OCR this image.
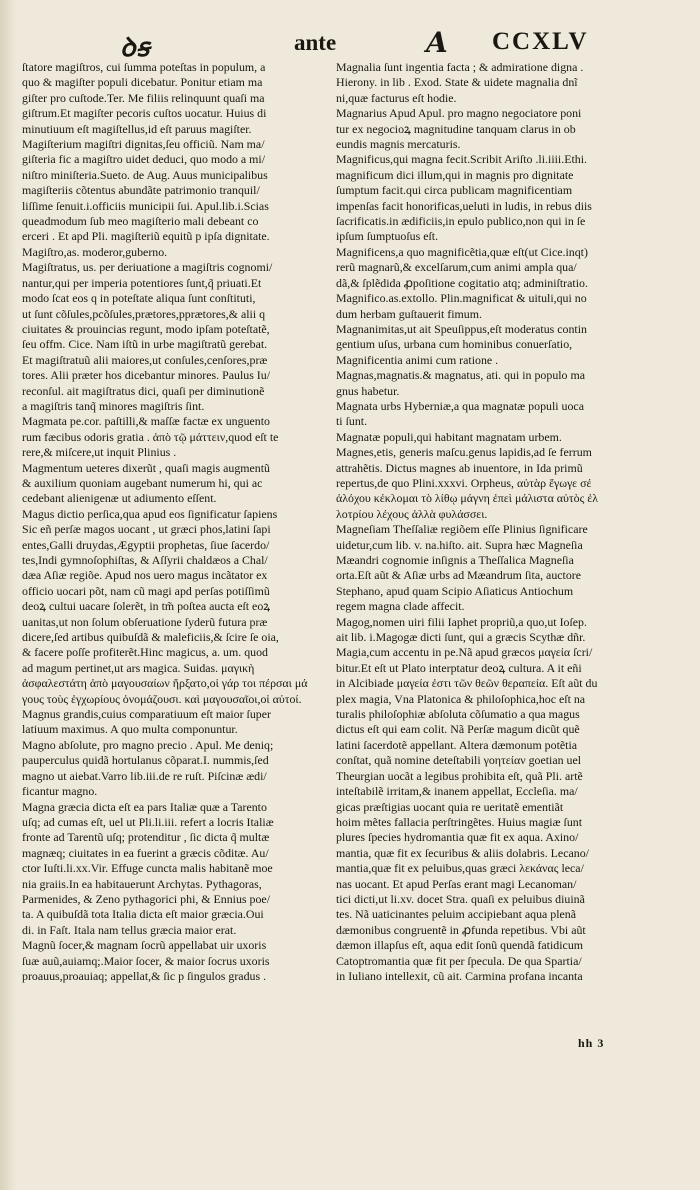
ꝺꞩ	ante	A CCXLV
ſtatore magiſtros, cui ſumma poteſtas in populum, a
quo & magiſter populi dicebatur. Ponitur etiam ma
giſter pro cuſtode.Ter. Me filiis relinquunt quaſi ma
giſtrum.Et magiſter pecoris cuſtos uocatur. Huius di
minutiuum eſt magiſtellus,id eſt paruus magiſter.
Magiſterium magiſtri dignitas,ſeu officiũ. Nam ma/
giſteria fic a magiſtro uidet deduci, quo modo a mi/
niſtro miniſteria.Sueto. de Aug. Auus municipalibus
magiſteriis cõtentus abundãte patrimonio tranquil/
liſſime ſenuit.i.officiis municipii ſui. Apul.lib.i.Scias
queadmodum ſub meo magiſterio mali debeant co
erceri . Et apd Pli. magiſteriũ equitũ p ipſa dignitate.
Magiſtro,as. moderor,guberno.
Magiſtratus, us. per deriuatione a magiſtris cognomi/
nantur,qui per imperia potentiores ſunt,q̃ priuati.Et
modo ſcat eos q in poteſtate aliqua ſunt conſtituti,
ut ſunt cõſules,pcõſules,prætores,pprætores,& alii q
ciuitates & prouincias regunt, modo ipſam poteſtatẽ,
ſeu offm. Cice. Nam iſtũ in urbe magiſtratũ gerebat.
Et magiſtratuũ alii maiores,ut conſules,cenſores,præ
tores. Alii præter hos dicebantur minores. Paulus Iu/
reconſul. ait magiſtratus dici, quaſi per diminutionẽ
a magiſtris tanq̃ minores magiſtris ſint.
Magmata pe.cor. paſtilli,& maſſæ factæ ex unguento
rum fæcibus odoris gratia . ἀπὸ τῷ μάττειν,quod eſt te
rere,& miſcere,ut inquit Plinius .
Magmentum ueteres dixerũt , quaſi magis augmentũ
& auxilium quoniam augebant numerum hi, qui ac
cedebant alienigenæ ut adiumento eſſent.
Magus dictio perſica,qua apud eos ſignificatur ſapiens
Sic eñ perſæ magos uocant , ut græci phos,latini ſapi
entes,Galli druydas,Ægyptii prophetas, ſiue ſacerdo/
tes,Indi gymnoſophiſtas, & Aſſyrii chaldæos a Chal/
dæa Aſiæ regiõe. Apud nos uero magus incãtator ex
officio uocari põt, nam cũ magi apd perſas potiſſimũ
deoꝝ cultui uacare ſolerẽt, in tm̃ poſtea aucta eſt eoꝝ
uanitas,ut non ſolum obſeruatione ſyderũ futura præ
dicere,ſed artibus quibuſdã & maleficiis,& ſcire ſe oia,
& facere poſſe profiterẽt.Hinc magicus, a. um. quod
ad magum pertinet,ut ars magica. Suidas. μαγικὴ
ἀσφαλεστάτη ἀπὸ μαγουσαίων ἤρξατο,οἱ γάρ τοι πέρσαι μά
γους τοὺς ἐγχωρίους ὀνομάζουσι. καὶ μαγουσαῖοι,οἱ αὐτοί.
Magnus grandis,cuius comparatiuum eſt maior ſuper
latiuum maximus. A quo multa componuntur.
Magno abſolute, pro magno precio . Apul. Me deniq;
pauperculus quidã hortulanus cõparat.I. nummis,ſed
magno ut aiebat.Varro lib.iii.de re ruſt. Piſcinæ ædi/
ficantur magno.
Magna græcia dicta eſt ea pars Italiæ quæ a Tarento
uſq; ad cumas eſt, uel ut Pli.li.iii. refert a locris Italiæ
fronte ad Tarentũ uſq; protenditur , ſic dicta q̃ multæ
magnæq; ciuitates in ea fuerint a græcis cõditæ. Au/
ctor Iuſti.li.xx.Vir. Effuge cuncta malis habitanẽ moe
nia graiis.In ea habitauerunt Archytas. Pythagoras,
Parmenides, & Zeno pythagorici phi, & Ennius poe/
ta. A quibuſdã tota Italia dicta eſt maior græcia.Oui
di. in Faſt. Itala nam tellus græcia maior erat.
Magnũ ſocer,& magnam ſocrũ appellabat uir uxoris
ſuæ auũ,auiamq;.Maior ſocer, & maior ſocrus uxoris
proauus,proauiaq; appellat,& ſic p ſingulos gradus .
Magnalia ſunt ingentia facta ; & admiratione digna .
Hierony. in lib . Exod. State & uidete magnalia dnĩ
ni,quæ facturus eſt hodie.
Magnarius Apud Apul. pro magno negociatore poni
tur ex negocioꝝ magnitudine tanquam clarus in ob
eundis magnis mercaturis.
Magnificus,qui magna fecit.Scribit Ariſto .li.iiii.Ethi.
magnificum dici illum,qui in magnis pro dignitate
ſumptum facit.qui circa publicam magnificentiam
impenſas facit honorificas,ueluti in ludis, in rebus diis
ſacrificatis.in ædificiis,in epulo publico,non qui in ſe
ipſum ſumptuoſus eſt.
Magnificens,a quo magnificẽtia,quæ eſt(ut Cice.inqt)
rerũ magnarũ,& excelſarum,cum animi ampla qua/
dã,& ſplẽdida ꝓpoſitione cogitatio atq; adminiſtratio.
Magnifico.as.extollo. Plin.magnificat & uituli,qui no
dum herbam guſtauerit fimum.
Magnanimitas,ut ait Speuſippus,eſt moderatus contin
gentium uſus, urbana cum hominibus conuerſatio,
Magnificentia animi cum ratione .
Magnas,magnatis.& magnatus, ati. qui in populo ma
gnus habetur.
Magnata urbs Hyberniæ,a qua magnatæ populi uoca
ti ſunt.
Magnatæ populi,qui habitant magnatam urbem.
Magnes,etis, generis maſcu.genus lapidis,ad ſe ferrum
attrahẽtis. Dictus magnes ab inuentore, in Ida primũ
repertus,de quo Plini.xxxvi. Orpheus, αὐτὰρ ἔγωγε σέ
ἀλόχου κέκλομαι τὸ λίθῳ μάγνη ἐπεὶ μάλιστα αὐτὸς ἐλ
λοτρίου λέχους ἀλλὰ φυλάσσει.
Magneſiam Theſſaliæ regiõem eſſe Plinius ſignificare
uidetur,cum lib. v. na.hiſto. ait. Supra hæc Magneſia
Mæandri cognomie inſignis a Theſſalica Magneſia
orta.Eſt aũt & Aſiæ urbs ad Mæandrum ſita, auctore
Stephano, apud quam Scipio Aſiaticus Antiochum
regem magna clade affecit.
Magog,nomen uiri filii Iaphet propriũ,a quo,ut Ioſep.
ait lib. i.Magogæ dicti ſunt, qui a græcis Scythæ dñr.
Magia,cum accentu in pe.Nã apud græcos μαγεία ſcri/
bitur.Et eſt ut Plato interptatur deoꝝ cultura. A it eñi
in Alcibiade μαγεία ἐστι τῶν θεῶν θεραπεία. Eſt aũt du
plex magia, Vna Platonica & philoſophica,hoc eſt na
turalis philoſophiæ abſoluta cõſumatio a qua magus
dictus eſt qui eam colit. Nã Perſæ magum dicũt quẽ
latini ſacerdotẽ appellant. Altera dæmonum potẽtia
conſtat, quã nomine deteſtabili γοητείαν goetian uel
Theurgian uocãt a legibus prohibita eſt, quã Pli. artẽ
inteſtabilẽ irritam,& inanem appellat, Eccleſia. ma/
gicas præſtigias uocant quia re ueritatẽ ementiãt
hoim mẽtes fallacia perſtringẽtes. Huius magiæ ſunt
plures ſpecies hydromantia quæ fit ex aqua. Axino/
mantia, quæ fit ex ſecuribus & aliis dolabris. Lecano/
mantia,quæ fit ex peluibus,quas græci λεκάνας leca/
nas uocant. Et apud Perſas erant magi Lecanoman/
tici dicti,ut li.xv. docet Stra. quaſi ex peluibus diuinã
tes. Nã uaticinantes peluim accipiebant aqua plenã
dæmonibus congruentẽ in ꝓfunda repetibus. Vbi aũt
dæmon illapſus eſt, aqua edit ſonũ quendã fatidicum
Catoptromantia quæ fit per ſpecula. De qua Spartia/
in Iuliano intellexit, cũ ait. Carmina profana incanta
hh 3
